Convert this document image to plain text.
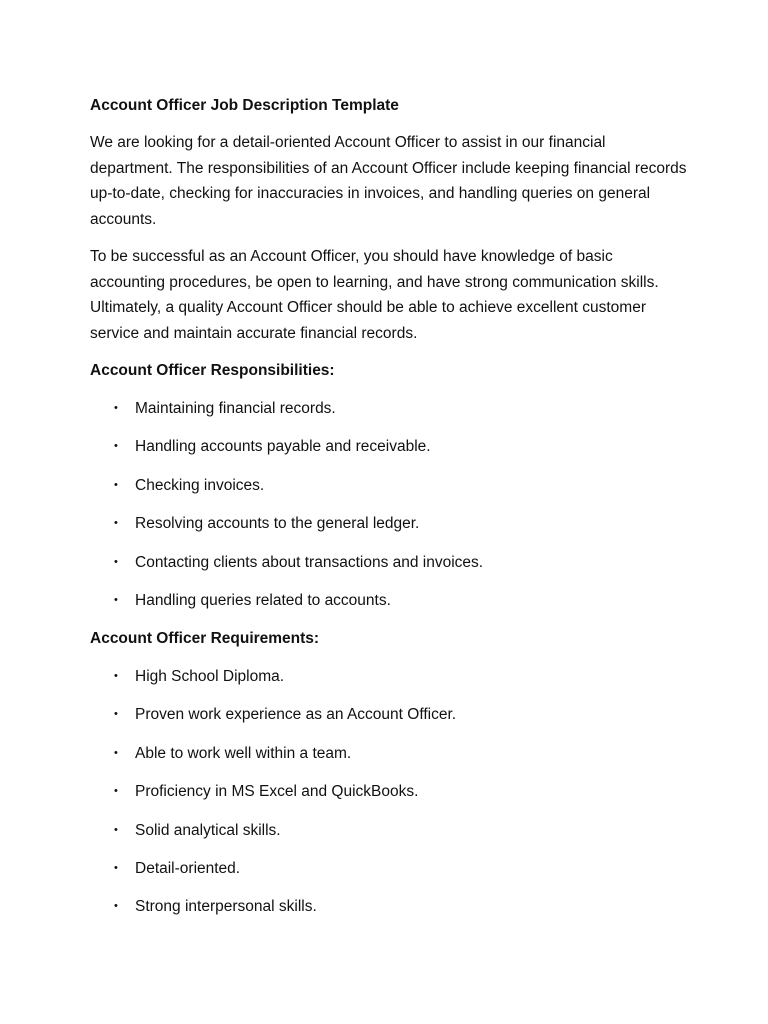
Account Officer Job Description Template

We are looking for a detail-oriented Account Officer to assist in our financial department. The responsibilities of an Account Officer include keeping financial records up-to-date, checking for inaccuracies in invoices, and handling queries on general accounts.

To be successful as an Account Officer, you should have knowledge of basic accounting procedures, be open to learning, and have strong communication skills. Ultimately, a quality Account Officer should be able to achieve excellent customer service and maintain accurate financial records.

Account Officer Responsibilities:
• Maintaining financial records.
• Handling accounts payable and receivable.
• Checking invoices.
• Resolving accounts to the general ledger.
• Contacting clients about transactions and invoices.
• Handling queries related to accounts.
Account Officer Requirements:
• High School Diploma.
• Proven work experience as an Account Officer.
• Able to work well within a team.
• Proficiency in MS Excel and QuickBooks.
• Solid analytical skills.
• Detail-oriented.
• Strong interpersonal skills.
